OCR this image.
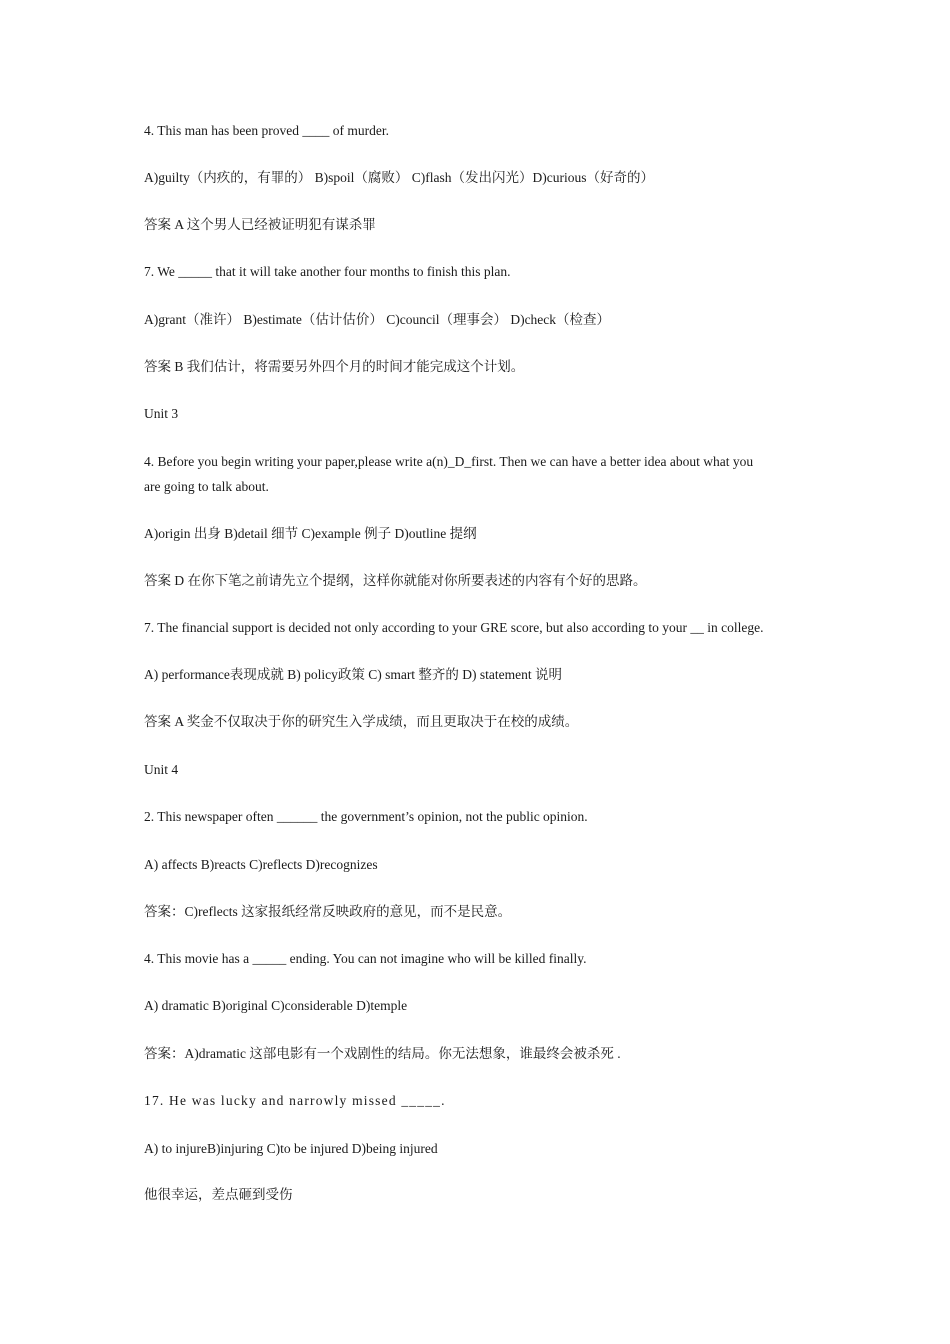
4. This man has been proved ____ of murder.
A)guilty（内疚的，有罪的） B)spoil（腐败） C)flash（发出闪光）D)curious（好奇的）
答案 A 这个男人已经被证明犯有谋杀罪
7. We _____ that it will take another four months to finish this plan.
A)grant（准许） B)estimate（估计估价） C)council（理事会） D)check（检查）
答案 B 我们估计，将需要另外四个月的时间才能完成这个计划。
Unit 3
4. Before you begin writing your paper,please write a(n)_D_first. Then we can have a better idea about what you
are going to talk about.
A)origin 出身 B)detail 细节 C)example 例子 D)outline 提纲
答案 D 在你下笔之前请先立个提纲，这样你就能对你所要表述的内容有个好的思路。
7. The financial support is decided not only according to your GRE score, but also according to your __ in college.
A) performance表现成就 B) policy政策 C) smart 整齐的 D) statement 说明
答案 A 奖金不仅取决于你的研究生入学成绩，而且更取决于在校的成绩。
Unit 4
2. This newspaper often ______ the government’s opinion, not the public opinion.
A) affects B)reacts C)reflects D)recognizes
答案：C)reflects 这家报纸经常反映政府的意见，而不是民意。
4. This movie has a _____ ending. You can not imagine who will be killed finally.
A) dramatic B)original C)considerable D)temple
答案：A)dramatic 这部电影有一个戏剧性的结局。你无法想象，谁最终会被杀死 .
17. He was lucky and narrowly missed _____.
A) to injureB)injuring C)to be injured D)being injured
他很幸运，差点砸到受伤
